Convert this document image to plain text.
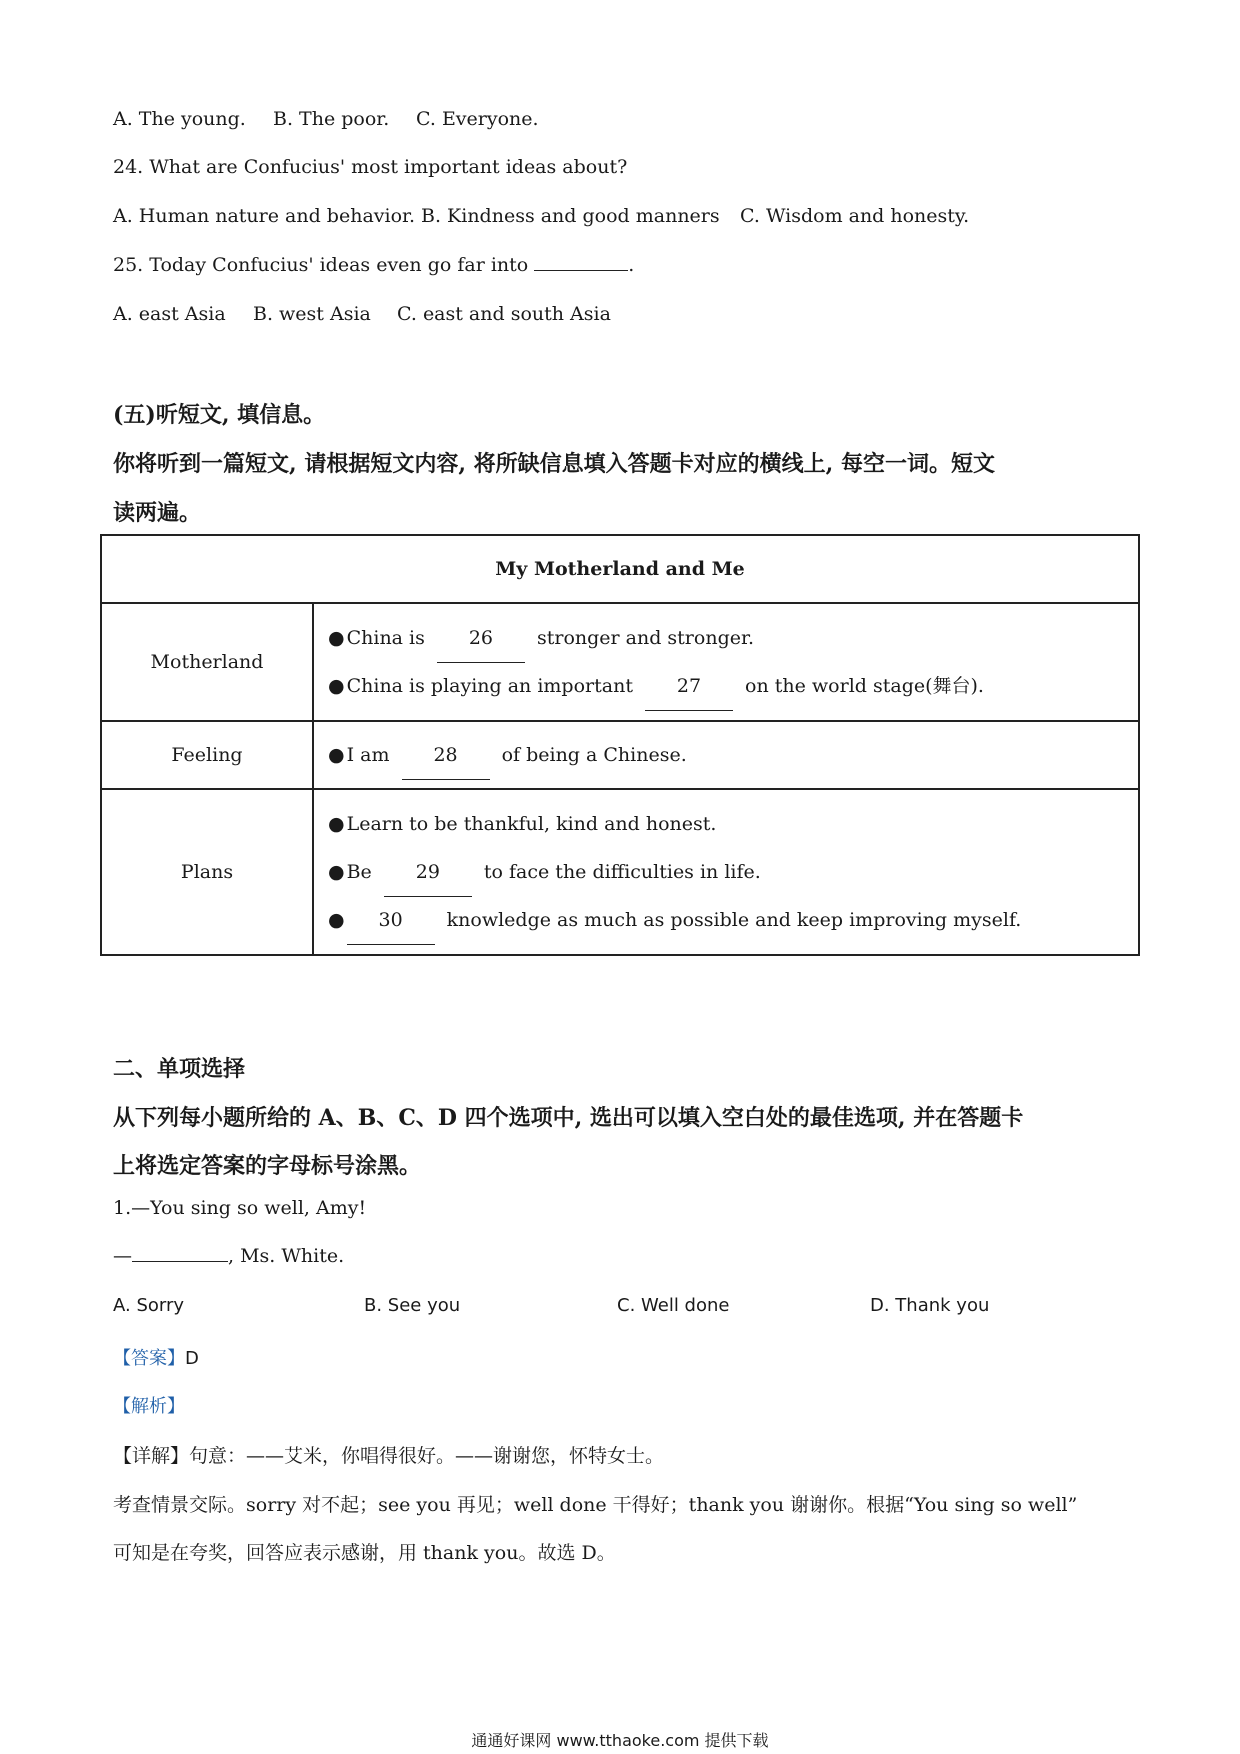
A. The young. B. The poor. C. Everyone.
24. What are Confucius' most important ideas about?
A. Human nature and behavior. B. Kindness and good manners C. Wisdom and honesty.
25. Today Confucius' ideas even go far into	.
A. east Asia B. west Asia C. east and south Asia
(五)听短文, 填信息。
你将听到一篇短文, 请根据短文内容, 将所缺信息填入答题卡对应的横线上, 每空一词。短文
读两遍。
My Motherland and Me	
Motherland	● China is 26 stronger and stronger.
● China is playing an important 27 on the world stage(舞台).

Feeling	● I am 28 of being a Chinese.

Plans	● Learn to be thankful, kind and honest.
● Be 29 to face the difficulties in life.
● 30 knowledge as much as possible and keep improving myself.
二、单项选择
从下列每小题所给的 A、B、C、D 四个选项中, 选出可以填入空白处的最佳选项, 并在答题卡
上将选定答案的字母标号涂黑。
1.—You sing so well, Amy!
—	, Ms. White.
A. Sorry	B. See you	C. Well done	D. Thank you
【答案】D
【解析】
【详解】句意：——艾米，你唱得很好。——谢谢您，怀特女士。
考查情景交际。sorry 对不起；see you 再见；well done 干得好；thank you 谢谢你。根据“You sing so well”
可知是在夸奖，回答应表示感谢，用 thank you。故选 D。
通通好课网 www.tthaoke.com 提供下载
